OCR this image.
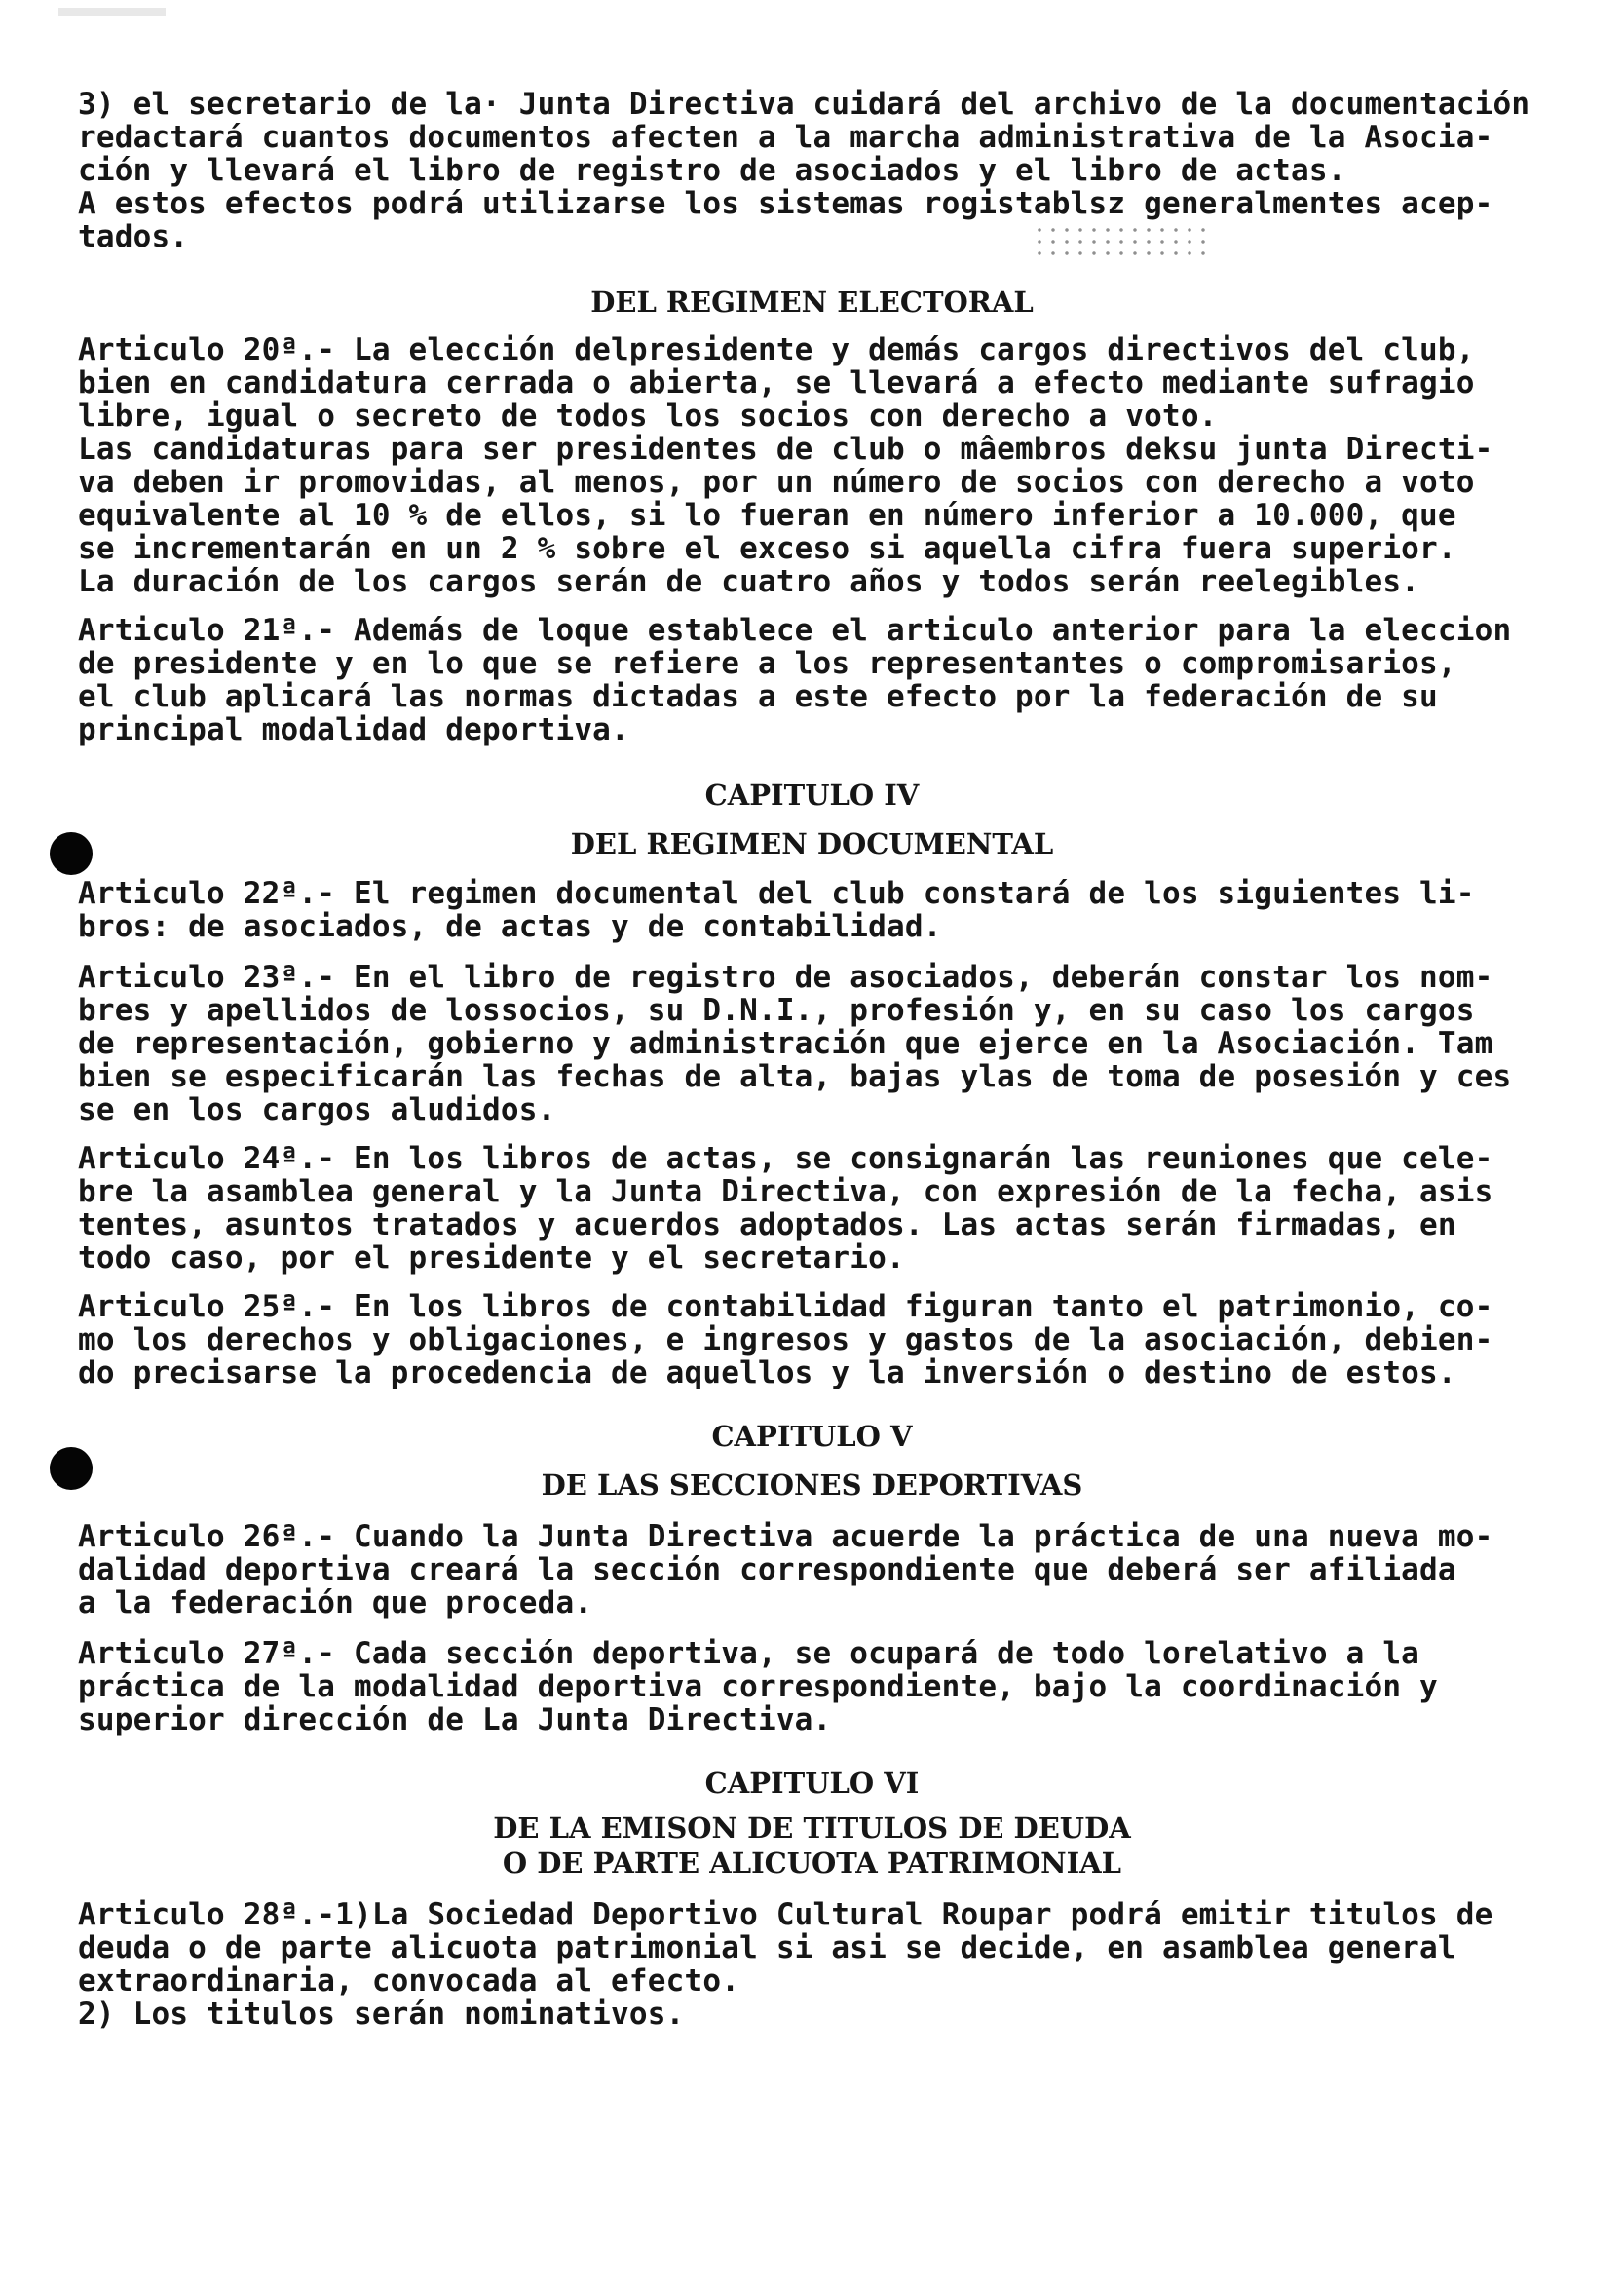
3) el secretario de la· Junta Directiva cuidará del archivo de la documentación
redactará cuantos documentos afecten a la marcha administrativa de la Asocia-
ción y llevará el libro de registro de asociados y el libro de actas.
A estos efectos podrá utilizarse los sistemas rogistablsz generalmentes acep-
tados.
DEL REGIMEN ELECTORAL
Articulo 20ª.- La elección delpresidente y demás cargos directivos del club,
bien en candidatura cerrada o abierta, se llevará a efecto mediante sufragio
libre, igual o secreto de todos los socios con derecho a voto.
Las candidaturas para ser presidentes de club o mâembros deksu junta Directi-
va deben ir promovidas, al menos, por un número de socios con derecho a voto
equivalente al 10 % de ellos, si lo fueran en número inferior a 10.000, que
se incrementarán en un 2 % sobre el exceso si aquella cifra fuera superior.
La duración de los cargos serán de cuatro años y todos serán reelegibles.
Articulo 21ª.- Además de loque establece el articulo anterior para la eleccion
de presidente y en lo que se refiere a los representantes o compromisarios,
el club aplicará las normas dictadas a este efecto por la federación de su
principal modalidad deportiva.
CAPITULO IV
DEL REGIMEN DOCUMENTAL
Articulo 22ª.- El regimen documental del club constará de los siguientes li-
bros: de asociados, de actas y de contabilidad.
Articulo 23ª.- En el libro de registro de asociados, deberán constar los nom-
bres y apellidos de lossocios, su D.N.I., profesión y, en su caso los cargos
de representación, gobierno y administración que ejerce en la Asociación. Tam
bien se especificarán las fechas de alta, bajas ylas de toma de posesión y ces
se en los cargos aludidos.
Articulo 24ª.- En los libros de actas, se consignarán las reuniones que cele-
bre la asamblea general y la Junta Directiva, con expresión de la fecha, asis
tentes, asuntos tratados y acuerdos adoptados. Las actas serán firmadas, en
todo caso, por el presidente y el secretario.
Articulo 25ª.- En los libros de contabilidad figuran tanto el patrimonio, co-
mo los derechos y obligaciones, e ingresos y gastos de la asociación, debien-
do precisarse la procedencia de aquellos y la inversión o destino de estos.
CAPITULO V
DE LAS SECCIONES DEPORTIVAS
Articulo 26ª.- Cuando la Junta Directiva acuerde la práctica de una nueva mo-
dalidad deportiva creará la sección correspondiente que deberá ser afiliada
a la federación que proceda.
Articulo 27ª.- Cada sección deportiva, se ocupará de todo lorelativo a la
práctica de la modalidad deportiva correspondiente, bajo la coordinación y
superior dirección de La Junta Directiva.
CAPITULO VI
DE LA EMISON DE TITULOS DE DEUDA
O DE PARTE ALICUOTA PATRIMONIAL
Articulo 28ª.-1)La Sociedad Deportivo Cultural Roupar podrá emitir titulos de
deuda o de parte alicuota patrimonial si asi se decide, en asamblea general
extraordinaria, convocada al efecto.
2) Los titulos serán nominativos.
